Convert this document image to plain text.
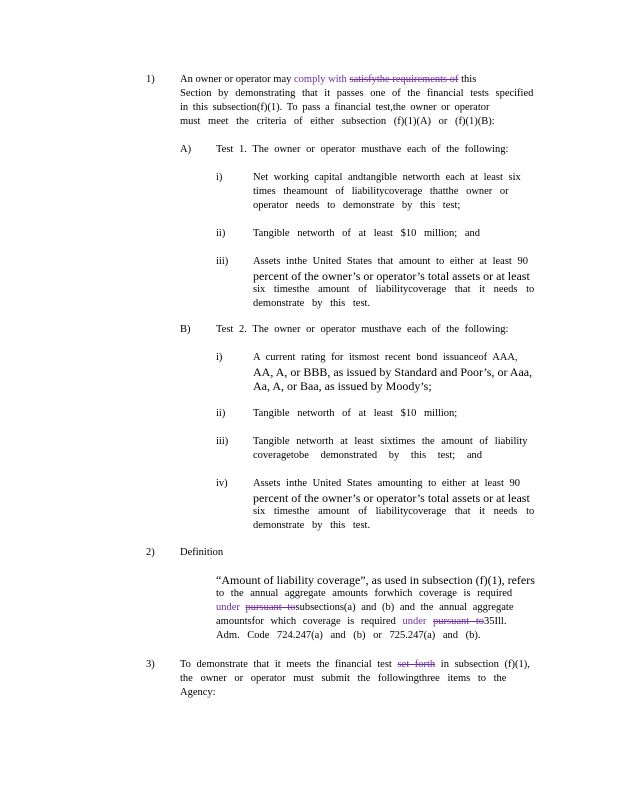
1) An owner or operator may comply with satisfythe requirements of this
Section by demonstrating that it passes one of the financial tests specified
in this subsection(f)(1). To pass a financial test,the owner or operator
must meet the criteria of either subsection (f)(1)(A) or (f)(1)(B):
A) Test 1. The owner or operator musthave each of the following:
i)	Net working capital andtangible networth each at least six
times theamount of liabilitycoverage thatthe owner or
operator needs to demonstrate by this test;
ii)	Tangible networth of at least $10 million; and
iii) Assets inthe United States that amount to either at least 90
percent of the owner’s or operator’s total assets or at least
six timesthe amount of liabilitycoverage that it needs to
demonstrate by this test.
B) Test 2. The owner or operator musthave each of the following:
i)	A current rating for itsmost recent bond issuanceof AAA,
AA, A, or BBB, as issued by Standard and Poor’s, or Aaa,
Aa, A, or Baa, as issued by Moody’s;
ii)	Tangible networth of at least $10 million;
iii) Tangible networth at least sixtimes the amount of liability
coveragetobe demonstrated by this test; and
iv) Assets inthe United States amounting to either at least 90
percent of the owner’s or operator’s total assets or at least
six timesthe amount of liabilitycoverage that it needs to
demonstrate by this test.
2) Definition
“Amount of liability coverage”, as used in subsection (f)(1), refers
to the annual aggregate amounts forwhich coverage is required
under pursuant tosubsections(a) and (b) and the annual aggregate
amountsfor which coverage is required under pursuant to35Ill.
Adm. Code 724.247(a) and (b) or 725.247(a) and (b).
3) To demonstrate that it meets the financial test set forth in subsection (f)(1),
the owner or operator must submit the followingthree items to the
Agency:
